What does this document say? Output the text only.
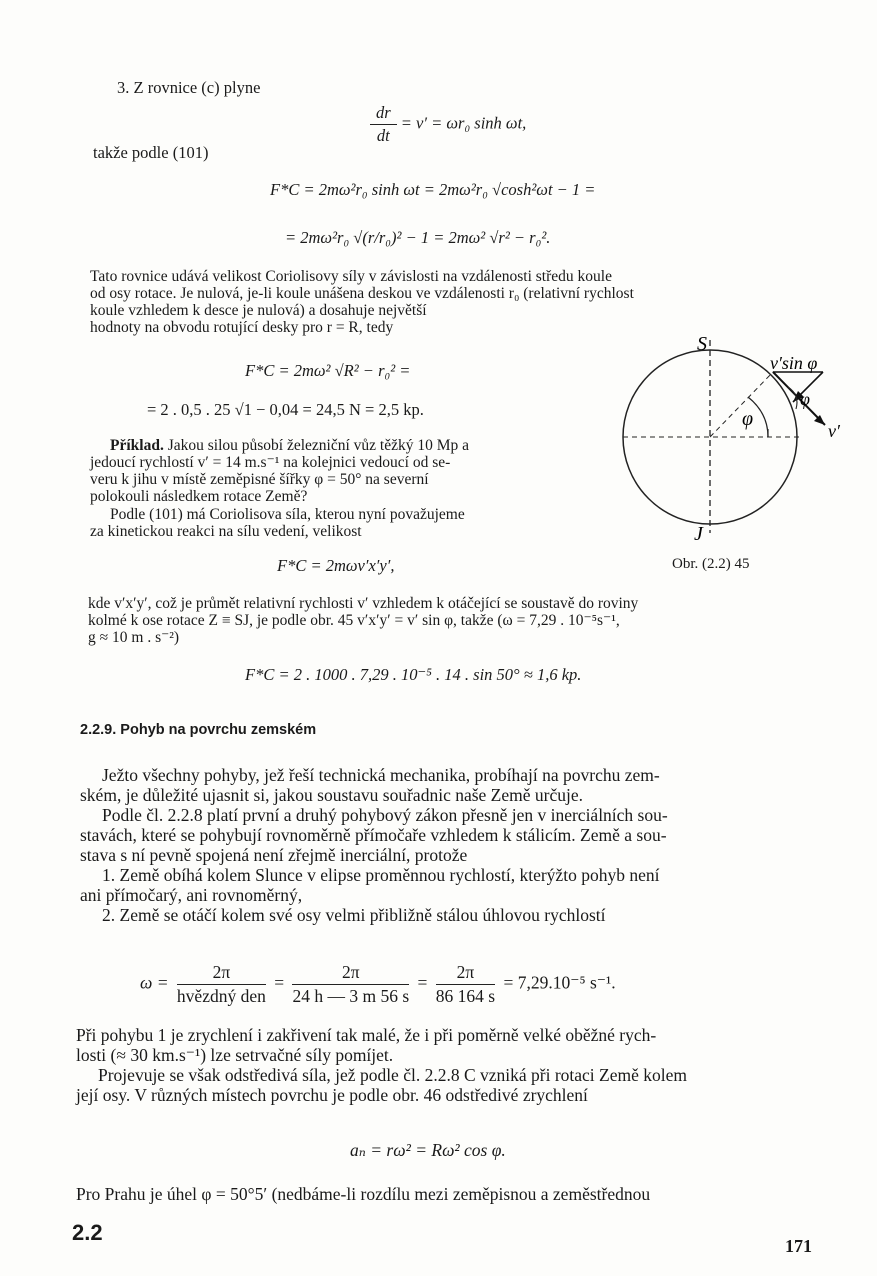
3. Z rovnice (c) plyne
$\frac{dr}{dt} = v' = \omega r_0$ sinh ωt,
takže podle (101)
F*C = 2mω²r₀ sinh ωt = 2mω²r₀ √cosh²ωt − 1 =
= 2mω²r₀ √(r/r₀)² − 1 = 2mω² √r² − r₀².
Tato rovnice udává velikost Coriolisovy síly v závislosti na vzdálenosti středu koule
od osy rotace. Je nulová, je-li koule unášena deskou ve vzdálenosti r₀ (relativní rychlost
koule vzhledem k desce je nulová) a dosahuje největší
hodnoty na obvodu rotující desky pro r = R, tedy
F*C = 2mω² √R² − r₀² =
= 2 . 0,5 . 25 √1 − 0,04 = 24,5 N = 2,5 kp.
Příklad. Jakou silou působí železniční vůz těžký 10 Mp a
jedoucí rychlostí v′ = 14 m.s⁻¹ na kolejnici vedoucí od se-
veru k jihu v místě zeměpisné šířky φ = 50° na severní
polokouli následkem rotace Země?
Podle (101) má Coriolisova síla, kterou nyní považujeme
za kinetickou reakci na sílu vedení, velikost
F*C = 2mωv′x′y′,
S
J
v′sin φ
φ
φ
v′
Obr. (2.2) 45
kde v′x′y′, což je průmět relativní rychlosti v′ vzhledem k otáčející se soustavě do roviny
kolmé k ose rotace Z ≡ SJ, je podle obr. 45 v′x′y′ = v′ sin φ, takže (ω = 7,29 . 10⁻⁵s⁻¹,
g ≈ 10 m . s⁻²)
F*C = 2 . 1000 . 7,29 . 10⁻⁵ . 14 . sin 50° ≈ 1,6 kp.
2.2.9. Pohyb na povrchu zemském
Ježto všechny pohyby, jež řeší technická mechanika, probíhají na povrchu zem-
ském, je důležité ujasnit si, jakou soustavu souřadnic naše Země určuje.
Podle čl. 2.2.8 platí první a druhý pohybový zákon přesně jen v inerciálních sou-
stavách, které se pohybují rovnoměrně přímočaře vzhledem k stálicím. Země a sou-
stava s ní pevně spojená není zřejmě inerciální, protože
1. Země obíhá kolem Slunce v elipse proměnnou rychlostí, kterýžto pohyb není
ani přímočarý, ani rovnoměrný,
2. Země se otáčí kolem své osy velmi přibližně stálou úhlovou rychlostí
$\omega = \frac{2\pi}{\text{hvězdný den}} = \frac{2\pi}{24 h — 3 m 56 s} = \frac{2\pi}{86 164 s} = 7,29.10^{-5}$ s⁻¹.
Při pohybu 1 je zrychlení i zakřivení tak malé, že i při poměrně velké oběžné rych-
losti (≈ 30 km.s⁻¹) lze setrvačné síly pomíjet.
Projevuje se však odstředivá síla, jež podle čl. 2.2.8 C vzniká při rotaci Země kolem
její osy. V různých místech povrchu je podle obr. 46 odstředivé zrychlení
aₙ = rω² = Rω² cos φ.
Pro Prahu je úhel φ = 50°5′ (nedbáme-li rozdílu mezi zeměpisnou a zeměstřednou
2.2
171
